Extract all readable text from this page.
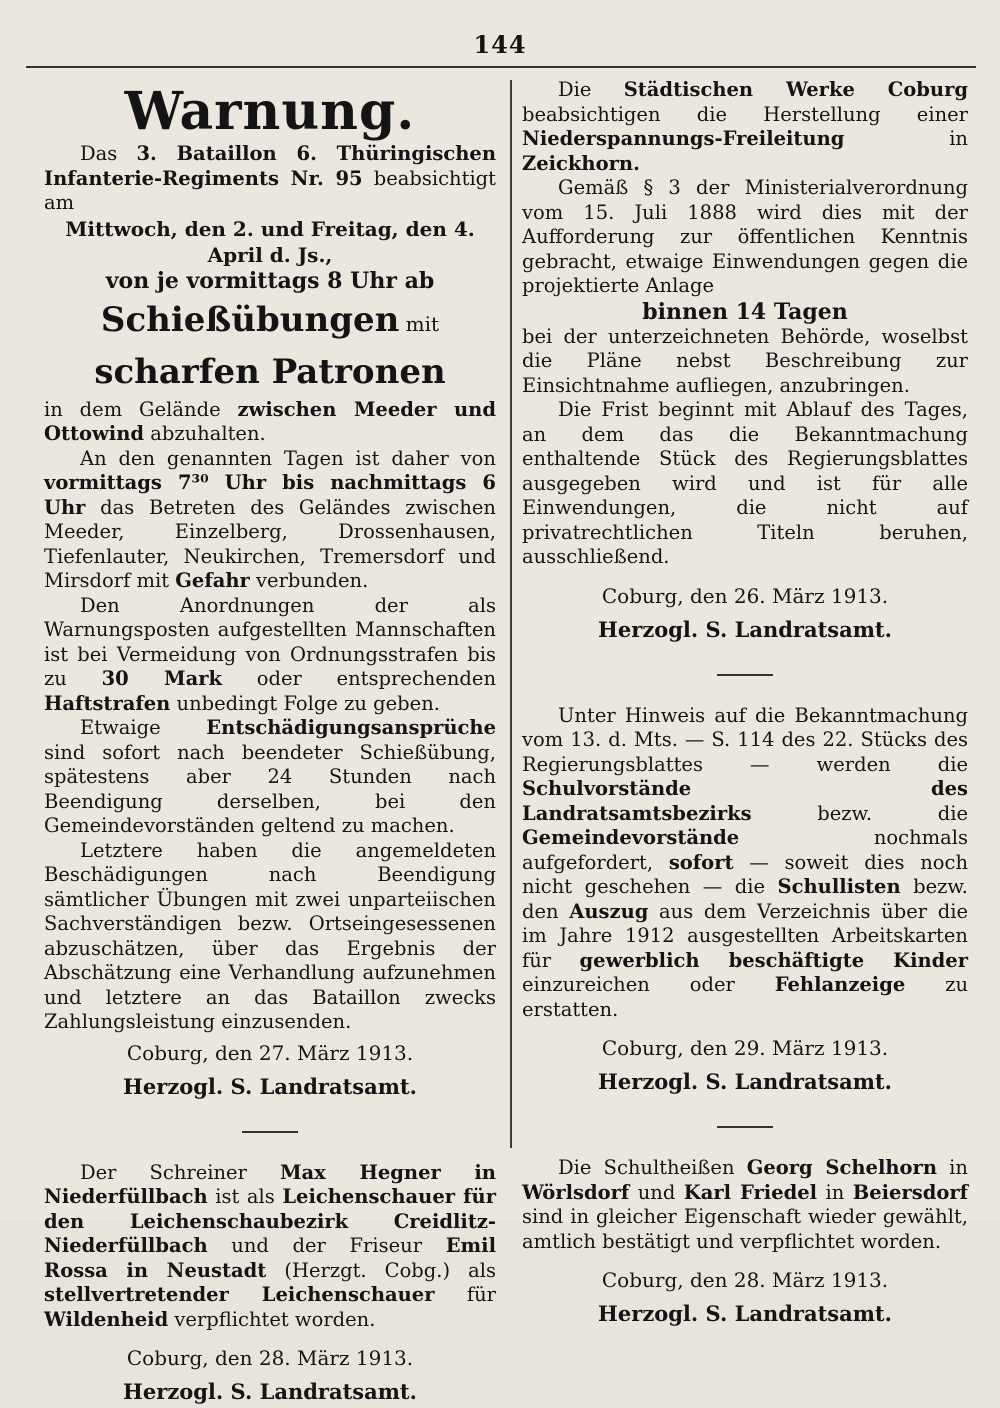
144
Warnung.

Das 3. Bataillon 6. Thüringischen Infanterie-Regiments Nr. 95 beabsichtigt am

Mittwoch, den 2. und Freitag, den 4. April d. Js.,
von je vormittags 8 Uhr ab
Schießübungen mit scharfen Patronen

in dem Gelände zwischen Meeder und Ottowind abzuhalten.

An den genannten Tagen ist daher von vormittags 7³⁰ Uhr bis nachmittags 6 Uhr das Betreten des Geländes zwischen Meeder, Einzelberg, Drossenhausen, Tiefenlauter, Neukirchen, Tremersdorf und Mirsdorf mit Gefahr verbunden.

Den Anordnungen der als Warnungsposten aufgestellten Mannschaften ist bei Vermeidung von Ordnungsstrafen bis zu 30 Mark oder entsprechenden Haftstrafen unbedingt Folge zu geben.

Etwaige Entschädigungsansprüche sind sofort nach beendeter Schießübung, spätestens aber 24 Stunden nach Beendigung derselben, bei den Gemeindevorständen geltend zu machen.

Letztere haben die angemeldeten Beschädigungen nach Beendigung sämtlicher Übungen mit zwei unparteiischen Sachverständigen bezw. Ortseingesessenen abzuschätzen, über das Ergebnis der Abschätzung eine Verhandlung aufzunehmen und letztere an das Bataillon zwecks Zahlungsleistung einzusenden.

Coburg, den 27. März 1913.
Herzogl. S. Landratsamt.

Der Schreiner Max Hegner in Niederfüllbach ist als Leichenschauer für den Leichenschaubezirk Creidlitz-Niederfüllbach und der Friseur Emil Rossa in Neustadt (Herzgt. Cobg.) als stellvertretender Leichenschauer für Wildenheid verpflichtet worden.

Coburg, den 28. März 1913.
Herzogl. S. Landratsamt.

Die Städtischen Werke Coburg beabsichtigen die Herstellung einer Niederspannungs-Freileitung in Zeickhorn.

Gemäß § 3 der Ministerialverordnung vom 15. Juli 1888 wird dies mit der Aufforderung zur öffentlichen Kenntnis gebracht, etwaige Einwendungen gegen die projektierte Anlage

binnen 14 Tagen

bei der unterzeichneten Behörde, woselbst die Pläne nebst Beschreibung zur Einsichtnahme aufliegen, anzubringen.

Die Frist beginnt mit Ablauf des Tages, an dem das die Bekanntmachung enthaltende Stück des Regierungsblattes ausgegeben wird und ist für alle Einwendungen, die nicht auf privatrechtlichen Titeln beruhen, ausschließend.

Coburg, den 26. März 1913.
Herzogl. S. Landratsamt.

Unter Hinweis auf die Bekanntmachung vom 13. d. Mts. — S. 114 des 22. Stücks des Regierungsblattes — werden die Schulvorstände des Landratsamtsbezirks bezw. die Gemeindevorstände nochmals aufgefordert, sofort — soweit dies noch nicht geschehen — die Schullisten bezw. den Auszug aus dem Verzeichnis über die im Jahre 1912 ausgestellten Arbeitskarten für gewerblich beschäftigte Kinder einzureichen oder Fehlanzeige zu erstatten.

Coburg, den 29. März 1913.
Herzogl. S. Landratsamt.

Die Schultheißen Georg Schelhorn in Wörlsdorf und Karl Friedel in Beiersdorf sind in gleicher Eigenschaft wieder gewählt, amtlich bestätigt und verpflichtet worden.

Coburg, den 28. März 1913.
Herzogl. S. Landratsamt.
